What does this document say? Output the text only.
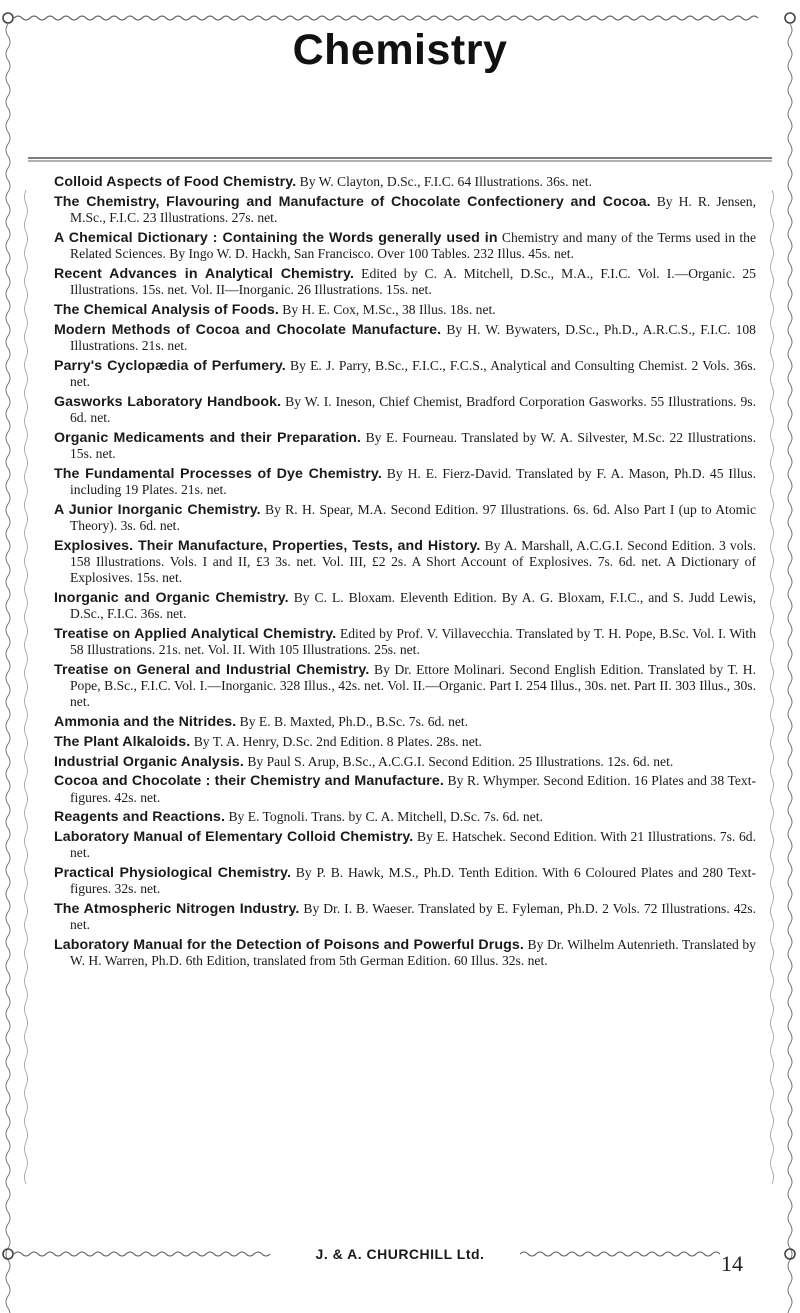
Chemistry

Colloid Aspects of Food Chemistry. By W. Clayton, D.Sc., F.I.C. 64 Illustrations. 36s. net.

The Chemistry, Flavouring and Manufacture of Chocolate Confectionery and Cocoa. By H. R. Jensen, M.Sc., F.I.C. 23 Illustrations. 27s. net.

A Chemical Dictionary : Containing the Words generally used in Chemistry and many of the Terms used in the Related Sciences. By Ingo W. D. Hackh, San Francisco. Over 100 Tables. 232 Illus. 45s. net.

Recent Advances in Analytical Chemistry. Edited by C. A. Mitchell, D.Sc., M.A., F.I.C. Vol. I.—Organic. 25 Illustrations. 15s. net. Vol. II—Inorganic. 26 Illustrations. 15s. net.

The Chemical Analysis of Foods. By H. E. Cox, M.Sc., 38 Illus. 18s. net.

Modern Methods of Cocoa and Chocolate Manufacture. By H. W. Bywaters, D.Sc., Ph.D., A.R.C.S., F.I.C. 108 Illustrations. 21s. net.

Parry's Cyclopædia of Perfumery. By E. J. Parry, B.Sc., F.I.C., F.C.S., Analytical and Consulting Chemist. 2 Vols. 36s. net.

Gasworks Laboratory Handbook. By W. I. Ineson, Chief Chemist, Bradford Corporation Gasworks. 55 Illustrations. 9s. 6d. net.

Organic Medicaments and their Preparation. By E. Fourneau. Translated by W. A. Silvester, M.Sc. 22 Illustrations. 15s. net.

The Fundamental Processes of Dye Chemistry. By H. E. Fierz-David. Translated by F. A. Mason, Ph.D. 45 Illus. including 19 Plates. 21s. net.

A Junior Inorganic Chemistry. By R. H. Spear, M.A. Second Edition. 97 Illustrations. 6s. 6d. Also Part I (up to Atomic Theory). 3s. 6d. net.

Explosives. Their Manufacture, Properties, Tests, and History. By A. Marshall, A.C.G.I. Second Edition. 3 vols. 158 Illustrations. Vols. I and II, £3 3s. net. Vol. III, £2 2s. A Short Account of Explosives. 7s. 6d. net. A Dictionary of Explosives. 15s. net.

Inorganic and Organic Chemistry. By C. L. Bloxam. Eleventh Edition. By A. G. Bloxam, F.I.C., and S. Judd Lewis, D.Sc., F.I.C. 36s. net.

Treatise on Applied Analytical Chemistry. Edited by Prof. V. Villavecchia. Translated by T. H. Pope, B.Sc. Vol. I. With 58 Illustrations. 21s. net. Vol. II. With 105 Illustrations. 25s. net.

Treatise on General and Industrial Chemistry. By Dr. Ettore Molinari. Second English Edition. Translated by T. H. Pope, B.Sc., F.I.C. Vol. I.—Inorganic. 328 Illus., 42s. net. Vol. II.—Organic. Part I. 254 Illus., 30s. net. Part II. 303 Illus., 30s. net.

Ammonia and the Nitrides. By E. B. Maxted, Ph.D., B.Sc. 7s. 6d. net.

The Plant Alkaloids. By T. A. Henry, D.Sc. 2nd Edition. 8 Plates. 28s. net.

Industrial Organic Analysis. By Paul S. Arup, B.Sc., A.C.G.I. Second Edition. 25 Illustrations. 12s. 6d. net.

Cocoa and Chocolate : their Chemistry and Manufacture. By R. Whymper. Second Edition. 16 Plates and 38 Text-figures. 42s. net.

Reagents and Reactions. By E. Tognoli. Trans. by C. A. Mitchell, D.Sc. 7s. 6d. net.

Laboratory Manual of Elementary Colloid Chemistry. By E. Hatschek. Second Edition. With 21 Illustrations. 7s. 6d. net.

Practical Physiological Chemistry. By P. B. Hawk, M.S., Ph.D. Tenth Edition. With 6 Coloured Plates and 280 Text-figures. 32s. net.

The Atmospheric Nitrogen Industry. By Dr. I. B. Waeser. Translated by E. Fyleman, Ph.D. 2 Vols. 72 Illustrations. 42s. net.

Laboratory Manual for the Detection of Poisons and Powerful Drugs. By Dr. Wilhelm Autenrieth. Translated by W. H. Warren, Ph.D. 6th Edition, translated from 5th German Edition. 60 Illus. 32s. net.

J. & A. CHURCHILL Ltd.	14
